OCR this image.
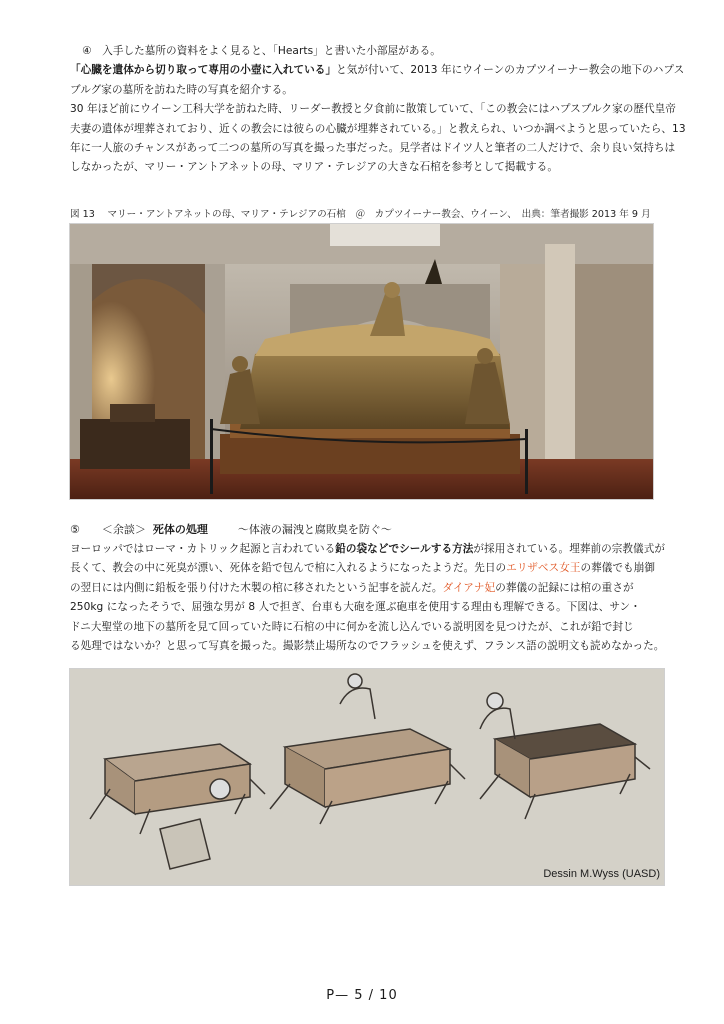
④　入手した墓所の資料をよく見ると、「Hearts」と書いた小部屋がある。
「心臓を遺体から切り取って専用の小壺に入れている」と気が付いて、2013 年にウイーンのカプツイーナー教会の地下のハプス
ブルグ家の墓所を訪ねた時の写真を紹介する。
30 年ほど前にウイーン工科大学を訪ねた時、リーダー教授と夕食前に散策していて、「この教会にはハプスブルク家の歴代皇帝
夫妻の遺体が埋葬されており、近くの教会には彼らの心臓が埋葬されている。」と教えられ、いつか調べようと思っていたら、13
年に一人旅のチャンスがあって二つの墓所の写真を撮った事だった。見学者はドイツ人と筆者の二人だけで、余り良い気持ちは
しなかったが、マリー・アントアネットの母、マリア・テレジアの大きな石棺を参考として掲載する。
図 13　 マリー・アントアネットの母、マリア・テレジアの石棺　＠　カプツイーナー教会、ウイーン、　出典：筆者撮影 2013 年 9 月
⑤ ＜余談＞ 死体の処理	～体液の漏洩と腐敗臭を防ぐ～
ヨーロッパではローマ・カトリック起源と言われている鉛の袋などでシールする方法が採用されている。埋葬前の宗教儀式が
長くて、教会の中に死臭が漂い、死体を鉛で包んで棺に入れるようになったようだ。先日のエリザベス女王の葬儀でも崩御
の翌日には内側に鉛板を張り付けた木製の棺に移されたという記事を読んだ。ダイアナ妃の葬儀の記録には棺の重さが
250kg になったそうで、屈強な男が 8 人で担ぎ、台車も大砲を運ぶ砲車を使用する理由も理解できる。下図は、サン・
ドニ大聖堂の地下の墓所を見て回っていた時に石棺の中に何かを流し込んでいる説明図を見つけたが、これが鉛で封じ
る処理ではないか？と思って写真を撮った。撮影禁止場所なのでフラッシュを使えず、フランス語の説明文も読めなかった。
Dessin M.Wyss (UASD)
P— 5 / 10
